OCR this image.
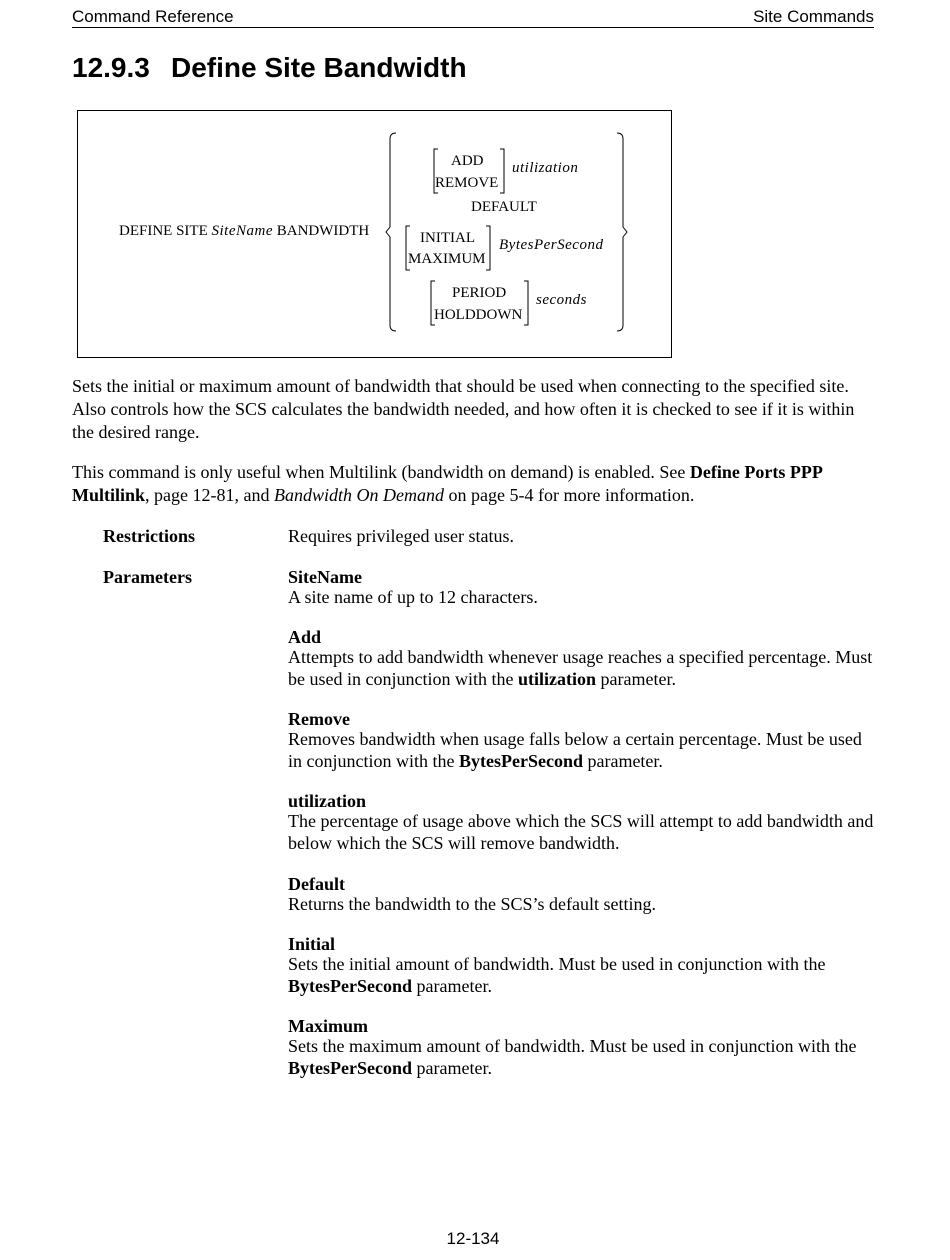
Command Reference	Site Commands
12.9.3 Define Site Bandwidth
DEFINE SITE SiteName BANDWIDTH
ADD
REMOVE
utilization
DEFAULT
INITIAL
MAXIMUM
BytesPerSecond
PERIOD
HOLDDOWN
seconds

Sets the initial or maximum amount of bandwidth that should be used when connecting to the specified site. Also controls how the SCS calculates the bandwidth needed, and how often it is checked to see if it is within the desired range.

This command is only useful when Multilink (bandwidth on demand) is enabled. See Define Ports PPP Multilink, page 12-81, and Bandwidth On Demand on page 5-4 for more information.

Restrictions	Requires privileged user status.
Parameters	SiteName
A site name of up to 12 characters.
Add
Attempts to add bandwidth whenever usage reaches a specified percentage. Must be used in conjunction with the utilization parameter.
Remove
Removes bandwidth when usage falls below a certain percentage. Must be used in conjunction with the BytesPerSecond parameter.
utilization
The percentage of usage above which the SCS will attempt to add bandwidth and below which the SCS will remove bandwidth.
Default
Returns the bandwidth to the SCS’s default setting.
Initial
Sets the initial amount of bandwidth. Must be used in conjunction with the BytesPerSecond parameter.
Maximum
Sets the maximum amount of bandwidth. Must be used in conjunction with the BytesPerSecond parameter.
12-134
